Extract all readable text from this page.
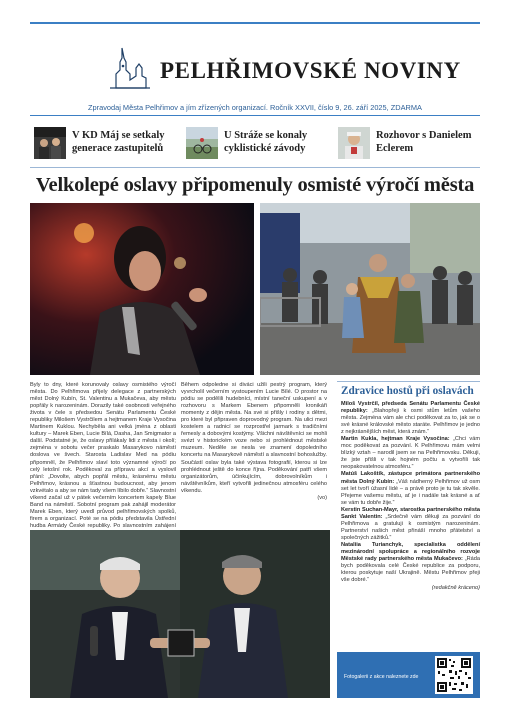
PELHŘIMOVSKÉ NOVINY
Zpravodaj Města Pelhřimov a jím zřízených organizací. Ročník XXVII, číslo 9, 26. září 2025, ZDARMA
V KD Máj se setkaly
generace zastupitelů
U Stráže se konaly
cyklistické závody
Rozhovor s Danielem
Eclerem
Velkolepé oslavy připomenuly osmisté výročí města
Byly to dny, které korunovaly oslavy osmistého výročí města. Do Pelhřimova přijely delegace z partnerských měst Dolný Kubín, St. Valentinu a Mukačeva, aby městu popřály k narozeninám. Dorazily také osobnosti veřejného života v čele s předsedou Senátu Parlamentu České republiky Milošem Vystrčilem a hejtmanem Kraje Vysočina Martinem Kuklou. Nechyběla ani velká jména z oblasti kultury – Marek Eben, Lucie Bílá, Dasha, Jan Smigmator a další. Podstatné je, že oslavy přilákaly lidi z města i okolí; zejména v sobotu večer praskalo Masarykovo náměstí doslova ve švech. Starosta Ladislav Med na pódiu připomněl, že Pelhřimov slaví toto významné výročí po celý letošní rok. Poděkoval za přípravu akcí a vyslovil přání: „Dovolte, abych popřál městu, krásnému městu Pelhřimov, krásnou a šťastnou budoucnost, aby jenom vzkvétalo a aby se nám tady všem líbilo dobře.“ Slavnostní víkend začal už v pátek večerním koncertem kapely Blue Band na náměstí. Sobotní program pak zahájil moderátor Marek Eben, který uvedl průvod pelhřimovských spolků, firem a organizací. Poté se na pódiu představila Ústřední hudba Armády České republiky. Po slavnostním zahájení
Během odpoledne si diváci užili pestrý program, který vyvrcholil večerním vystoupením Lucie Bílé. O prostor na pódiu se podělili hudebníci, místní taneční uskupení a v rozhovoru s Markem Ebenem připomněli kronikáři momenty z dějin města. Na své si přišly i rodiny s dětmi, pro které byl připraven doprovodný program. Na ulici mezi kostelem a radnicí se rozprostřel jarmark s tradičními řemesly a dobovými kostýmy. Všichni návštěvníci se mohli svézt v historickém voze nebo si prohlédnout městské muzeum. Neděle se nesla ve znamení dopoledního koncertu na Masarykově náměstí a slavnostní bohoslužby. Součástí oslav byla také výstava fotografií, kterou si lze prohlédnout ještě do konce října. Poděkování patří všem organizátorům, účinkujícím, dobrovolníkům i návštěvníkům, kteří vytvořili jedinečnou atmosféru celého víkendu.
(vo)
Zdravice hostů při oslavách

Miloš Vystrčil, předseda Senátu Parlamentu České republiky: „Blahopřeji k osmi stům letům vašeho města. Zejména vám ale chci poděkovat za to, jak se o své krásné královské město staráte. Pelhřimov je jedno z nejkrásnějších měst, která znám.“

Martin Kukla, hejtman Kraje Vysočina: „Chci vám moc poděkovat za pozvání. K Pelhřimovu mám velmi blízký vztah – narodil jsem se na Pelhřimovsku. Děkuji, že jste přišli v tak hojném počtu a vytvořili tak neopakovatelnou atmosféru.“

Matúš Lakoštík, zástupce primátora partnerského města Dolný Kubín: „Váš nádherný Pelhřimov už osm set let tvoří úžasní lidé – a právě proto je tu tak skvěle. Přejeme vašemu městu, ať je i nadále tak krásné a ať se vám tu dobře žije.“

Kerstin Suchan-Mayr, starostka partnerského města Sankt Valentin: „Srdečně vám děkuji za pozvání do Pelhřimova a gratuluji k osmistým narozeninám. Partnerství našich měst přináší mnoho přátelství a společných zážitků.“

Nataliia Turianchyk, specialistka oddělení mezinárodní spolupráce a regionálního rozvoje Městské rady partnerského města Mukačevo: „Ráda bych poděkovala celé České republice za podporu, kterou poskytuje naší Ukrajině. Městu Pelhřimov přeji vše dobré.“

(redakčně kráceno)
Fotogalerii z akce naleznete zde
